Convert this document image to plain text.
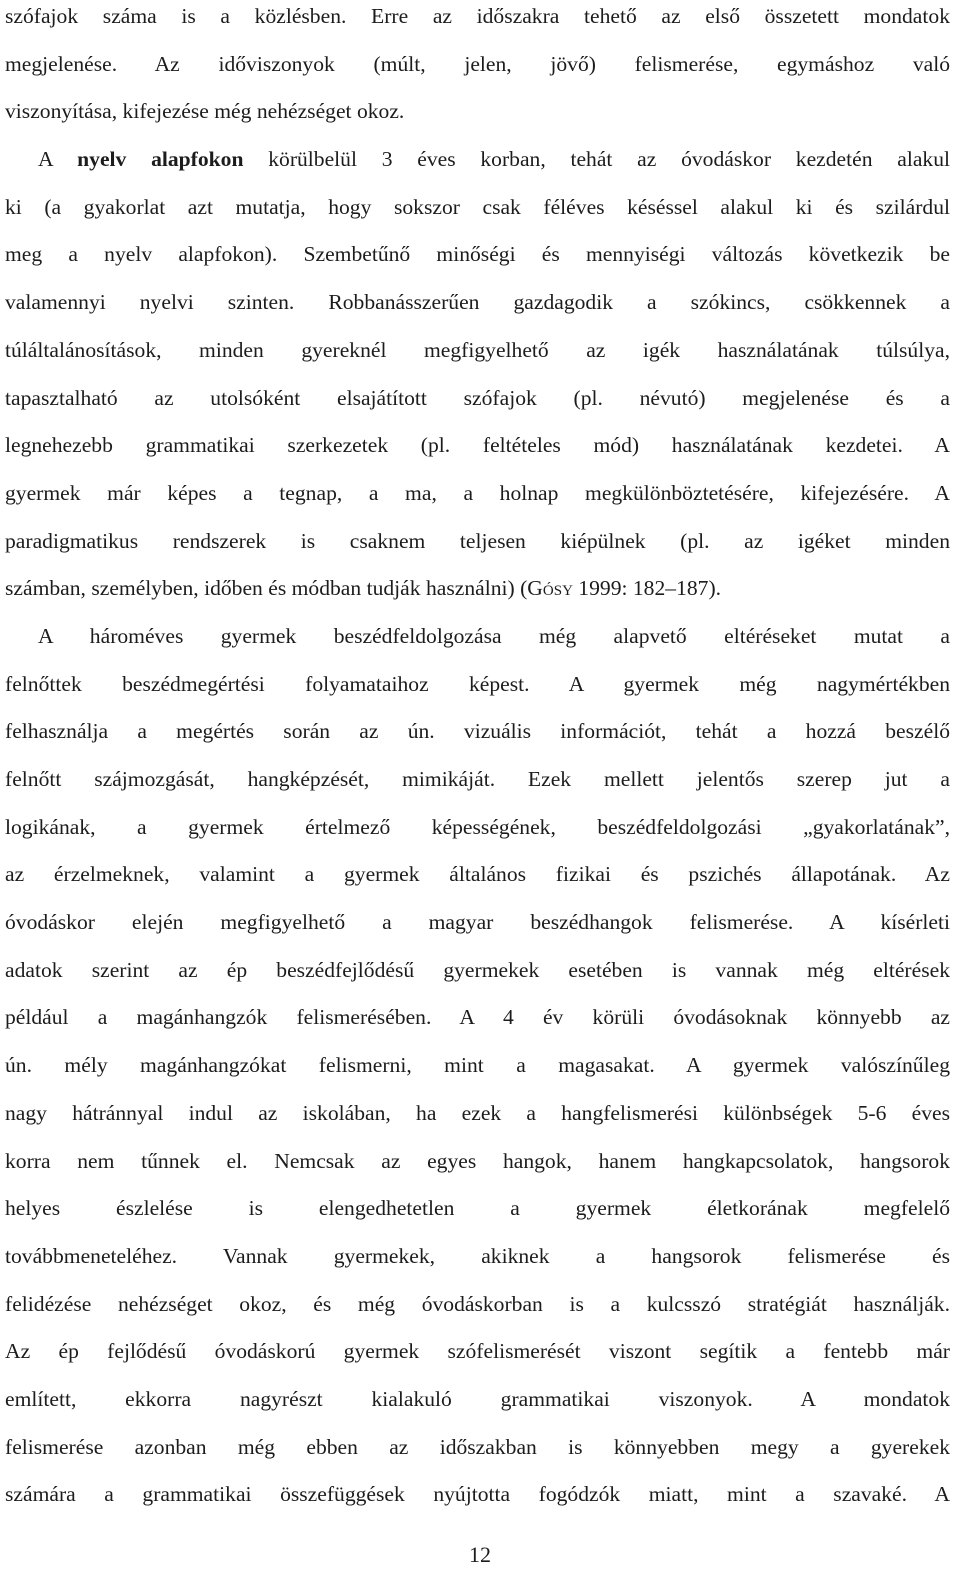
szófajok száma is a közlésben. Erre az időszakra tehető az első összetett mondatok
megjelenése. Az időviszonyok (múlt, jelen, jövő) felismerése, egymáshoz való
viszonyítása, kifejezése még nehézséget okoz.
A nyelv alapfokon körülbelül 3 éves korban, tehát az óvodáskor kezdetén alakul
ki (a gyakorlat azt mutatja, hogy sokszor csak féléves késéssel alakul ki és szilárdul
meg a nyelv alapfokon). Szembetűnő minőségi és mennyiségi változás következik be
valamennyi nyelvi szinten. Robbanásszerűen gazdagodik a szókincs, csökkennek a
túláltalánosítások, minden gyereknél megfigyelhető az igék használatának túlsúlya,
tapasztalható az utolsóként elsajátított szófajok (pl. névutó) megjelenése és a
legnehezebb grammatikai szerkezetek (pl. feltételes mód) használatának kezdetei. A
gyermek már képes a tegnap, a ma, a holnap megkülönböztetésére, kifejezésére. A
paradigmatikus rendszerek is csaknem teljesen kiépülnek (pl. az igéket minden
számban, személyben, időben és módban tudják használni) (Gósy 1999: 182–187).
A hároméves gyermek beszédfeldolgozása még alapvető eltéréseket mutat a
felnőttek beszédmegértési folyamataihoz képest. A gyermek még nagymértékben
felhasználja a megértés során az ún. vizuális információt, tehát a hozzá beszélő
felnőtt szájmozgását, hangképzését, mimikáját. Ezek mellett jelentős szerep jut a
logikának, a gyermek értelmező képességének, beszédfeldolgozási „gyakorlatának”,
az érzelmeknek, valamint a gyermek általános fizikai és pszichés állapotának. Az
óvodáskor elején megfigyelhető a magyar beszédhangok felismerése. A kísérleti
adatok szerint az ép beszédfejlődésű gyermekek esetében is vannak még eltérések
például a magánhangzók felismerésében. A 4 év körüli óvodásoknak könnyebb az
ún. mély magánhangzókat felismerni, mint a magasakat. A gyermek valószínűleg
nagy hátránnyal indul az iskolában, ha ezek a hangfelismerési különbségek 5-6 éves
korra nem tűnnek el. Nemcsak az egyes hangok, hanem hangkapcsolatok, hangsorok
helyes észlelése is elengedhetetlen a gyermek életkorának megfelelő
továbbmeneteléhez. Vannak gyermekek, akiknek a hangsorok felismerése és
felidézése nehézséget okoz, és még óvodáskorban is a kulcsszó stratégiát használják.
Az ép fejlődésű óvodáskorú gyermek szófelismerését viszont segítik a fentebb már
említett, ekkorra nagyrészt kialakuló grammatikai viszonyok. A mondatok
felismerése azonban még ebben az időszakban is könnyebben megy a gyerekek
számára a grammatikai összefüggések nyújtotta fogódzók miatt, mint a szavaké. A
12
